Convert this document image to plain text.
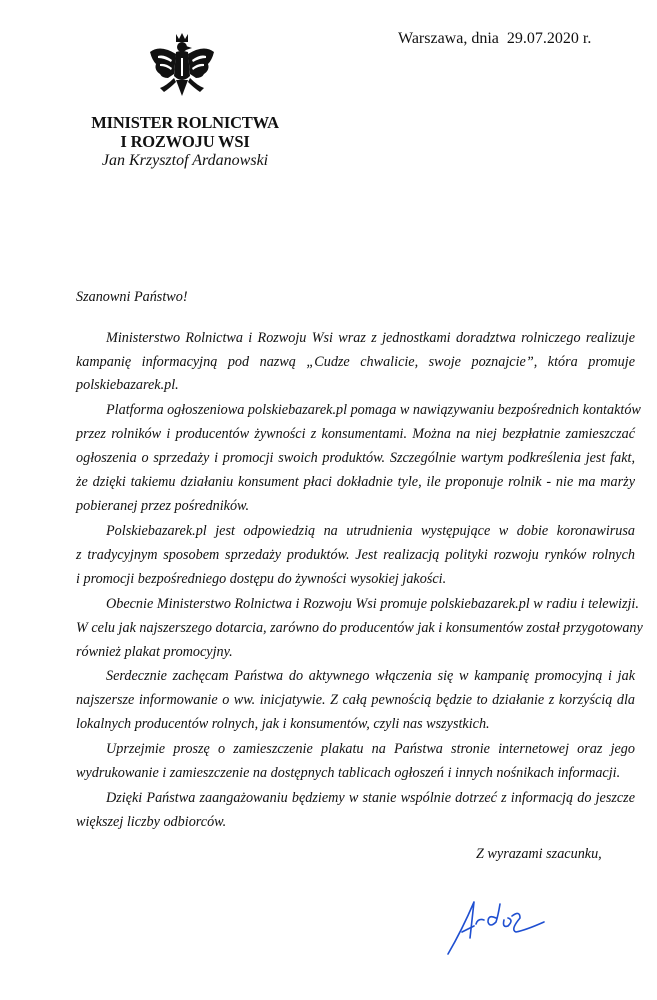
MINISTER ROLNICTWA
I ROZWOJU WSI
Jan Krzysztof Ardanowski
Warszawa, dnia  29.07.2020 r.
Szanowni Państwo!
Ministerstwo Rolnictwa i Rozwoju Wsi wraz z jednostkami doradztwa rolniczego realizuje
kampanię informacyjną pod nazwą „Cudze chwalicie, swoje poznajcie”, która promuje
polskiebazarek.pl.
Platforma ogłoszeniowa polskiebazarek.pl pomaga w nawiązywaniu bezpośrednich kontaktów
przez rolników i producentów żywności z konsumentami. Można na niej bezpłatnie zamieszczać
ogłoszenia o sprzedaży i promocji swoich produktów. Szczególnie wartym podkreślenia jest fakt,
że dzięki takiemu działaniu konsument płaci dokładnie tyle, ile proponuje rolnik - nie ma marży
pobieranej przez pośredników.
Polskiebazarek.pl jest odpowiedzią na utrudnienia występujące w dobie koronawirusa
z tradycyjnym sposobem sprzedaży produktów. Jest realizacją polityki rozwoju rynków rolnych
i promocji bezpośredniego dostępu do żywności wysokiej jakości.
Obecnie Ministerstwo Rolnictwa i Rozwoju Wsi promuje polskiebazarek.pl w radiu i telewizji.
W celu jak najszerszego dotarcia, zarówno do producentów jak i konsumentów został przygotowany
również plakat promocyjny.
Serdecznie zachęcam Państwa do aktywnego włączenia się w kampanię promocyjną i jak
najszersze informowanie o ww. inicjatywie. Z całą pewnością będzie to działanie z korzyścią dla
lokalnych producentów rolnych, jak i konsumentów, czyli nas wszystkich.
Uprzejmie proszę o zamieszczenie plakatu na Państwa stronie internetowej oraz jego
wydrukowanie i zamieszczenie na dostępnych tablicach ogłoszeń i innych nośnikach informacji.
Dzięki Państwa zaangażowaniu będziemy w stanie wspólnie dotrzeć z informacją do jeszcze
większej liczby odbiorców.
Z wyrazami szacunku,
